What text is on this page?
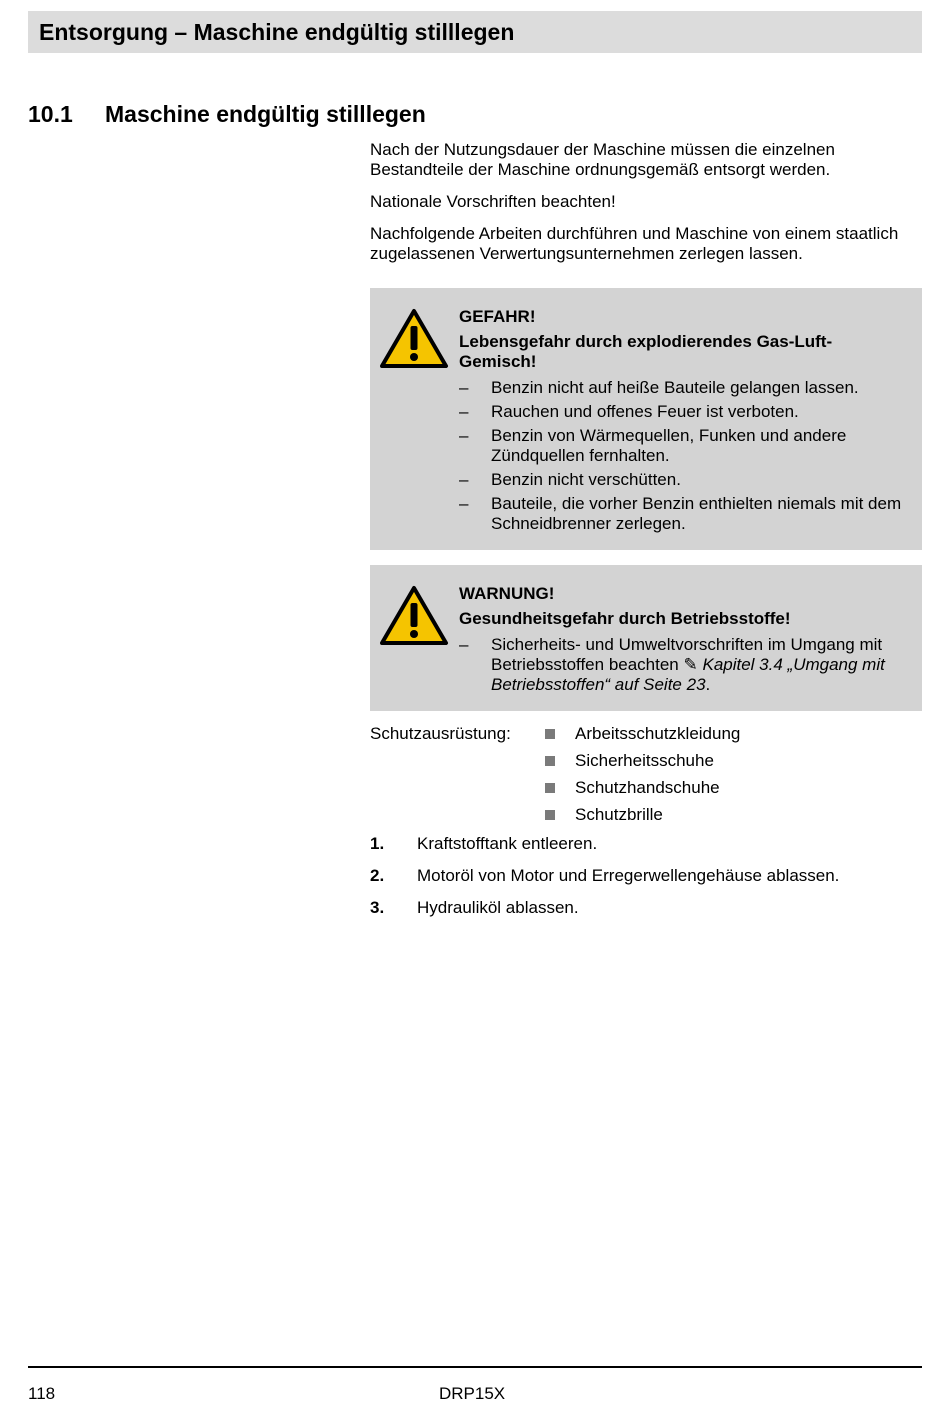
Entsorgung – Maschine endgültig stilllegen
10.1 Maschine endgültig stilllegen

Nach der Nutzungsdauer der Maschine müssen die einzelnen Bestandteile der Maschine ordnungsgemäß entsorgt werden.

Nationale Vorschriften beachten!

Nachfolgende Arbeiten durchführen und Maschine von einem staatlich zugelassenen Verwertungsunternehmen zerlegen lassen.

GEFAHR!
Lebensgefahr durch explodierendes Gas-Luft-Gemisch!
– Benzin nicht auf heiße Bauteile gelangen lassen.
– Rauchen und offenes Feuer ist verboten.
– Benzin von Wärmequellen, Funken und andere Zündquellen fernhalten.
– Benzin nicht verschütten.
– Bauteile, die vorher Benzin enthielten niemals mit dem Schneidbrenner zerlegen.
WARNUNG!
Gesundheitsgefahr durch Betriebsstoffe!
– Sicherheits- und Umweltvorschriften im Umgang mit Betriebsstoffen beachten ✎ Kapitel 3.4 „Umgang mit Betriebsstoffen“ auf Seite 23.
Schutzausrüstung:	Arbeitsschutzkleidung
Sicherheitsschuhe
Schutzhandschuhe
Schutzbrille
1. Kraftstofftank entleeren.
2. Motoröl von Motor und Erregerwellengehäuse ablassen.
3. Hydrauliköl ablassen.
118	DRP15X
